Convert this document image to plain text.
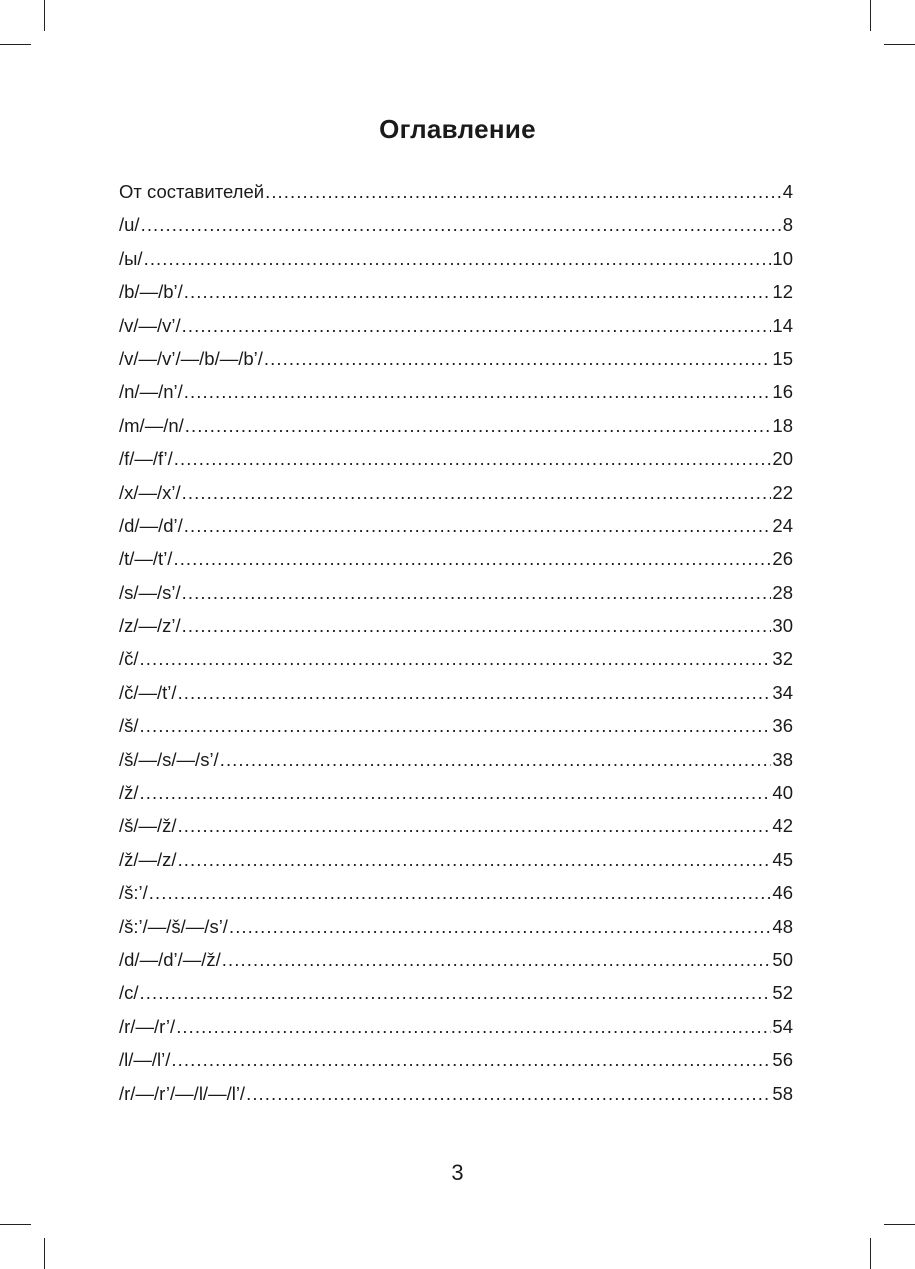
Оглавление
От составителей .....	4
/u/ .....	8
/ы/ .....	10
/b/—/b’/ .....	12
/v/—/v’/ .....	14
/v/—/v’/—/b/—/b’/ .....	15
/n/—/n’/ .....	16
/m/—/n/ .....	18
/f/—/f’/ .....	20
/x/—/x’/ .....	22
/d/—/d’/ .....	24
/t/—/t’/ .....	26
/s/—/s’/ .....	28
/z/—/z’/ .....	30
/č/ .....	32
/č/—/t’/ .....	34
/š/ .....	36
/š/—/s/—/s’/ .....	38
/ž/ .....	40
/š/—/ž/ .....	42
/ž/—/z/ .....	45
/š:’/ .....	46
/š:’/—/š/—/s’/ .....	48
/d/—/d’/—/ž/ .....	50
/c/ .....	52
/r/—/r’/ .....	54
/l/—/l’/ .....	56
/r/—/r’/—/l/—/l’/ .....	58
3
